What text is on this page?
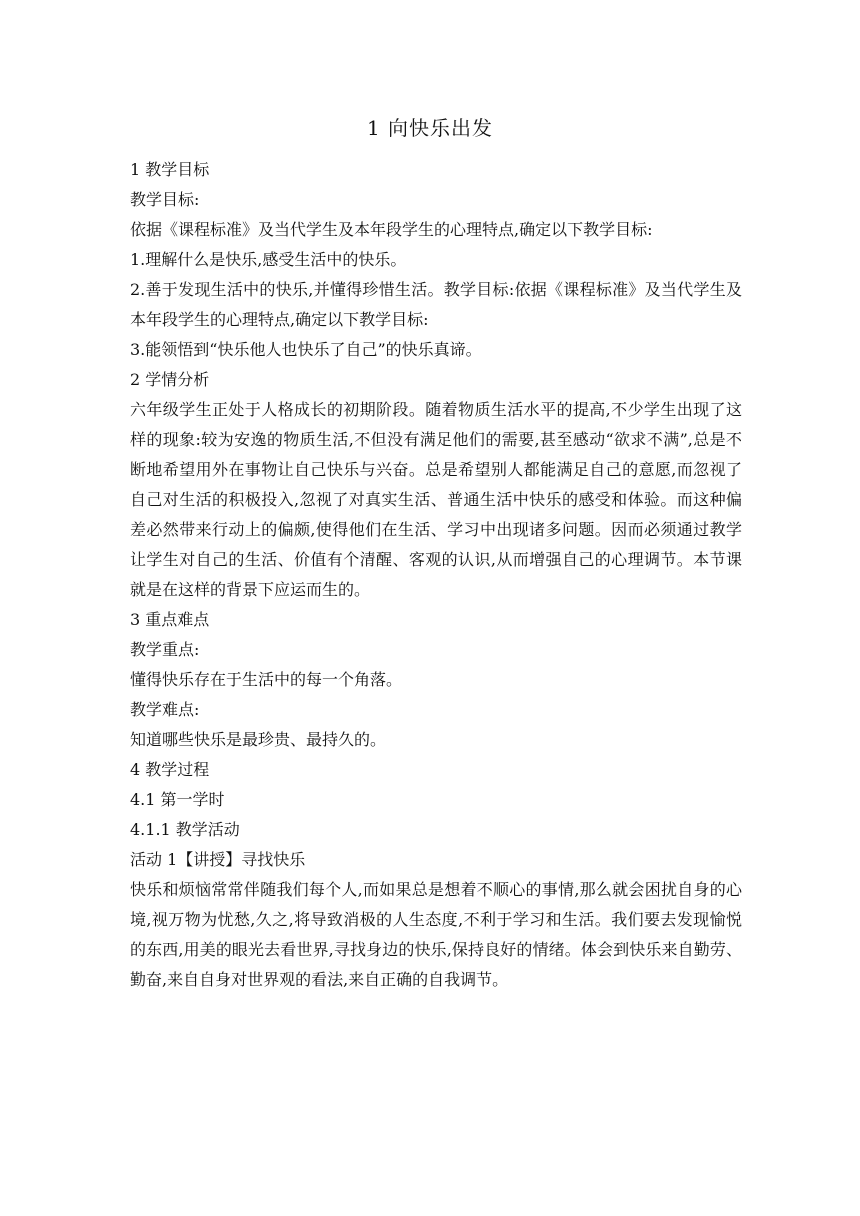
1 向快乐出发
1 教学目标
教学目标:
依据《课程标准》及当代学生及本年段学生的心理特点,确定以下教学目标:
1.理解什么是快乐,感受生活中的快乐。
2.善于发现生活中的快乐,并懂得珍惜生活。教学目标:依据《课程标准》及当代学生及本年段学生的心理特点,确定以下教学目标:
3.能领悟到“快乐他人也快乐了自己”的快乐真谛。
2 学情分析
六年级学生正处于人格成长的初期阶段。随着物质生活水平的提高,不少学生出现了这样的现象:较为安逸的物质生活,不但没有满足他们的需要,甚至感动“欲求不满”,总是不断地希望用外在事物让自己快乐与兴奋。总是希望别人都能满足自己的意愿,而忽视了自己对生活的积极投入,忽视了对真实生活、普通生活中快乐的感受和体验。而这种偏差必然带来行动上的偏颇,使得他们在生活、学习中出现诸多问题。因而必须通过教学让学生对自己的生活、价值有个清醒、客观的认识,从而增强自己的心理调节。本节课就是在这样的背景下应运而生的。
3 重点难点
教学重点:
懂得快乐存在于生活中的每一个角落。
教学难点:
知道哪些快乐是最珍贵、最持久的。
4 教学过程
4.1 第一学时
4.1.1 教学活动
活动 1【讲授】寻找快乐
快乐和烦恼常常伴随我们每个人,而如果总是想着不顺心的事情,那么就会困扰自身的心境,视万物为忧愁,久之,将导致消极的人生态度,不利于学习和生活。我们要去发现愉悦的东西,用美的眼光去看世界,寻找身边的快乐,保持良好的情绪。体会到快乐来自勤劳、勤奋,来自自身对世界观的看法,来自正确的自我调节。
